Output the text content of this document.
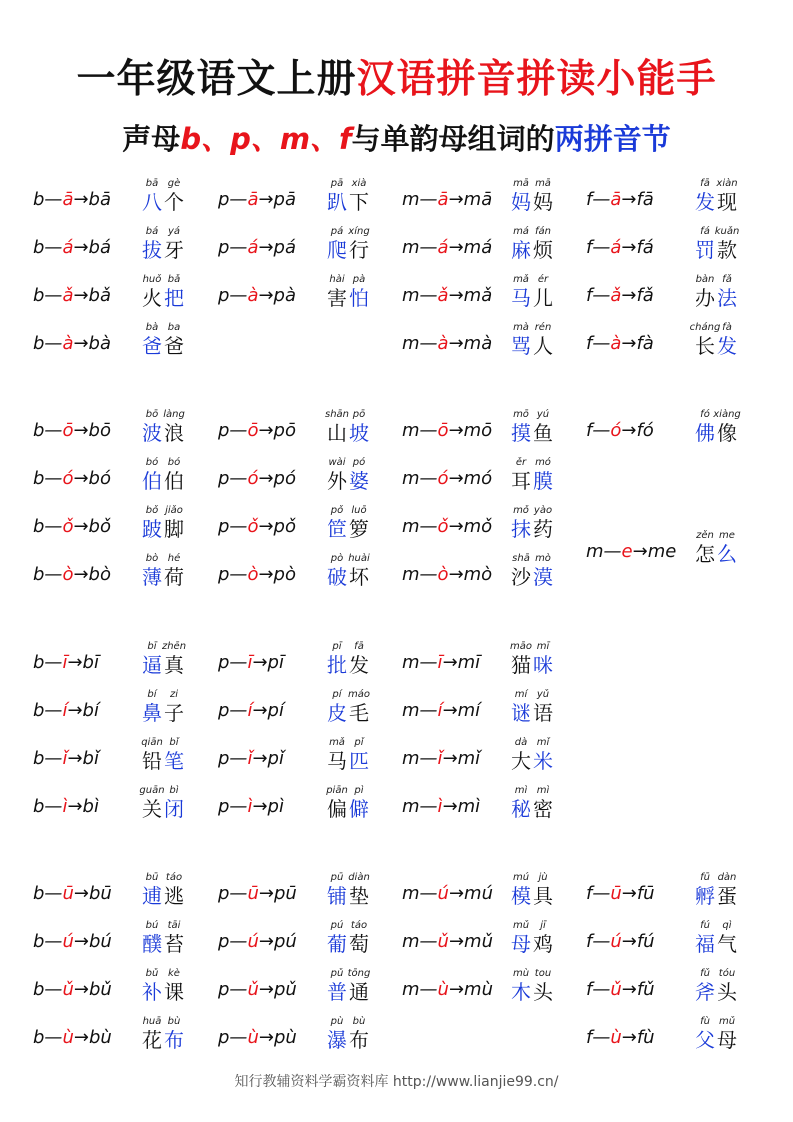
一年级语文上册汉语拼音拼读小能手
声母b、p、m、f与单韵母组词的两拼音节
b—ā→bā
bā
八
gè
个
b—á→bá
bá
拔
yá
牙
b—ǎ→bǎ
huǒ
火
bǎ
把
b—à→bà
bà
爸
ba
爸
p—ā→pā
pā
趴
xià
下
p—á→pá
pá
爬
xíng
行
p—à→pà
hài
害
pà
怕
m—ā→mā
mā
妈
mā
妈
m—á→má
má
麻
fán
烦
m—ǎ→mǎ
mǎ
马
ér
儿
m—à→mà
mà
骂
rén
人
f—ā→fā
fā
发
xiàn
现
f—á→fá
fá
罚
kuǎn
款
f—ǎ→fǎ
bàn
办
fǎ
法
f—à→fà
cháng
长
fà
发
b—ō→bō
bō
波
làng
浪
b—ó→bó
bó
伯
bó
伯
b—ǒ→bǒ
bǒ
跛
jiǎo
脚
b—ò→bò
bò
薄
hé
荷
p—ō→pō
shān
山
pō
坡
p—ó→pó
wài
外
pó
婆
p—ǒ→pǒ
pǒ
笸
luō
箩
p—ò→pò
pò
破
huài
坏
m—ō→mō
mō
摸
yú
鱼
m—ó→mó
ěr
耳
mó
膜
m—ǒ→mǒ
mǒ
抹
yào
药
m—ò→mò
shā
沙
mò
漠
f—ó→fó
fó
佛
xiàng
像
m—e→me
zěn
怎
me
么
b—ī→bī
bī
逼
zhēn
真
b—í→bí
bí
鼻
zi
子
b—ǐ→bǐ
qiān
铅
bǐ
笔
b—ì→bì
guān
关
bì
闭
p—ī→pī
pī
批
fā
发
p—í→pí
pí
皮
máo
毛
p—ǐ→pǐ
mǎ
马
pǐ
匹
p—ì→pì
piān
偏
pì
僻
m—ī→mī
māo
猫
mī
咪
m—í→mí
mí
谜
yǔ
语
m—ǐ→mǐ
dà
大
mǐ
米
m—ì→mì
mì
秘
mì
密
b—ū→bū
bū
逋
táo
逃
b—ú→bú
bú
醭
tāi
苔
b—ǔ→bǔ
bǔ
补
kè
课
b—ù→bù
huā
花
bù
布
p—ū→pū
pū
铺
diàn
垫
p—ú→pú
pú
葡
táo
萄
p—ǔ→pǔ
pǔ
普
tōng
通
p—ù→pù
pù
瀑
bù
布
m—ú→mú
mú
模
jù
具
m—ǔ→mǔ
mǔ
母
jī
鸡
m—ù→mù
mù
木
tou
头
f—ū→fū
fū
孵
dàn
蛋
f—ú→fú
fú
福
qì
气
f—ǔ→fǔ
fǔ
斧
tóu
头
f—ù→fù
fù
父
mǔ
母
知行教辅资料学霸资料库 http://www.lianjie99.cn/
